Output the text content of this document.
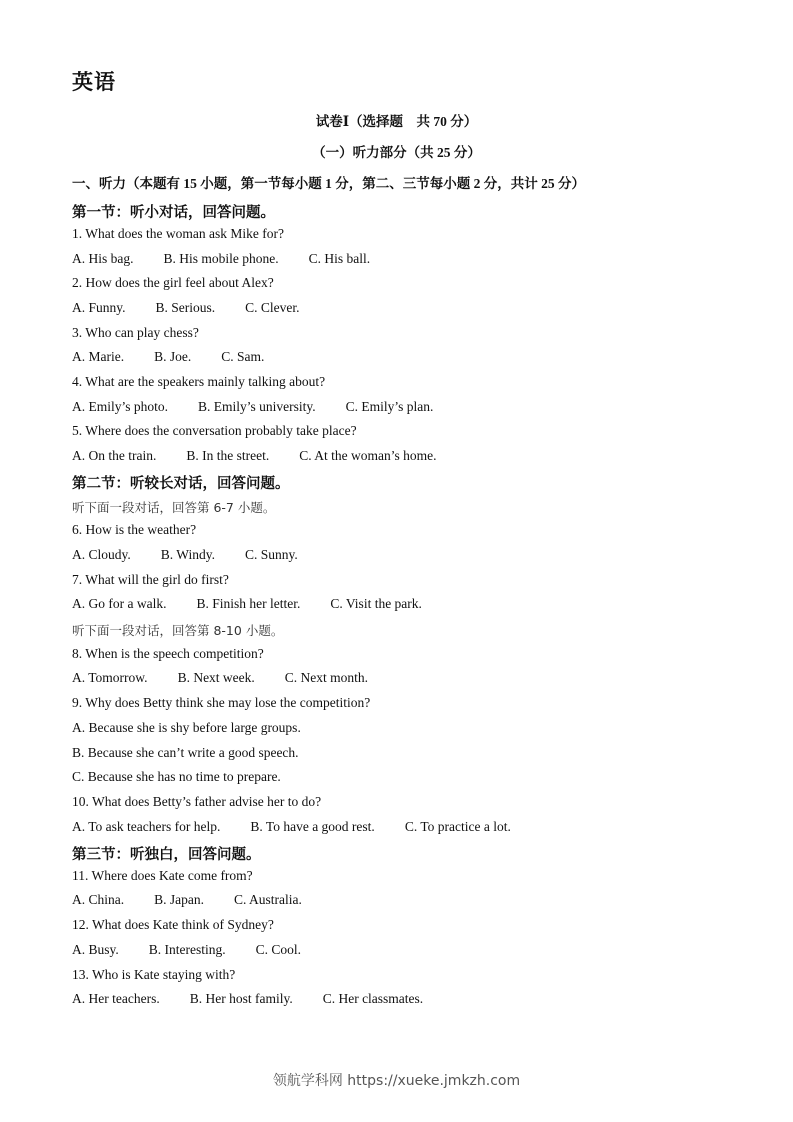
英语
试卷Ⅰ（选择题　共 70 分）
（一）听力部分（共 25 分）
一、听力（本题有 15 小题，第一节每小题 1 分，第二、三节每小题 2 分，共计 25 分）
第一节：听小对话，回答问题。
1. What does the woman ask Mike for?
A. His bag. B. His mobile phone. C. His ball.
2. How does the girl feel about Alex?
A. Funny. B. Serious. C. Clever.
3. Who can play chess?
A. Marie. B. Joe. C. Sam.
4. What are the speakers mainly talking about?
A. Emily’s photo. B. Emily’s university. C. Emily’s plan.
5. Where does the conversation probably take place?
A. On the train. B. In the street. C. At the woman’s home.
第二节：听较长对话，回答问题。
听下面一段对话，回答第 6-7 小题。
6. How is the weather?
A. Cloudy. B. Windy. C. Sunny.
7. What will the girl do first?
A. Go for a walk. B. Finish her letter. C. Visit the park.
听下面一段对话，回答第 8-10 小题。
8. When is the speech competition?
A. Tomorrow. B. Next week. C. Next month.
9. Why does Betty think she may lose the competition?
A. Because she is shy before large groups.
B. Because she can’t write a good speech.
C. Because she has no time to prepare.
10. What does Betty’s father advise her to do?
A. To ask teachers for help. B. To have a good rest. C. To practice a lot.
第三节：听独白，回答问题。
11. Where does Kate come from?
A. China. B. Japan. C. Australia.
12. What does Kate think of Sydney?
A. Busy. B. Interesting. C. Cool.
13. Who is Kate staying with?
A. Her teachers. B. Her host family. C. Her classmates.
领航学科网 https://xueke.jmkzh.com
